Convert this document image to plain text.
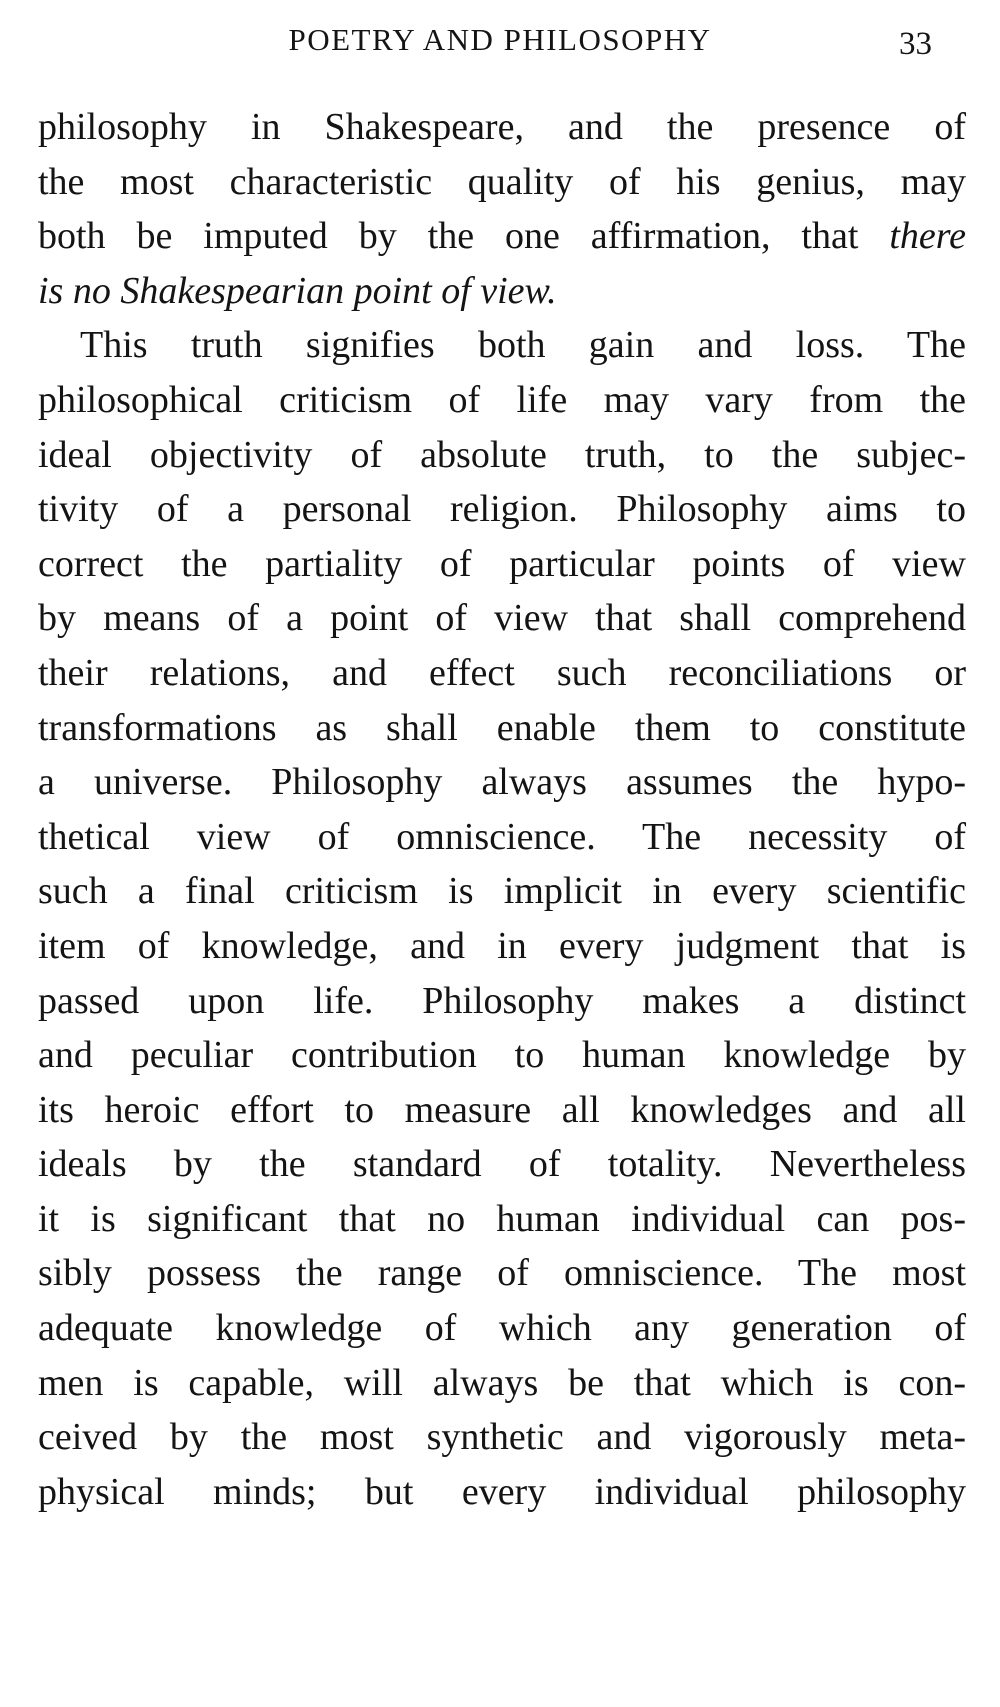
POETRY AND PHILOSOPHY	33
philosophy in Shakespeare, and the presence of
the most characteristic quality of his genius, may
both be imputed by the one affirmation, that there
is no Shakespearian point of view.
This truth signifies both gain and loss. The
philosophical criticism of life may vary from the
ideal objectivity of absolute truth, to the subjec-
tivity of a personal religion. Philosophy aims to
correct the partiality of particular points of view
by means of a point of view that shall comprehend
their relations, and effect such reconciliations or
transformations as shall enable them to constitute
a universe. Philosophy always assumes the hypo-
thetical view of omniscience. The necessity of
such a final criticism is implicit in every scientific
item of knowledge, and in every judgment that is
passed upon life. Philosophy makes a distinct
and peculiar contribution to human knowledge by
its heroic effort to measure all knowledges and all
ideals by the standard of totality. Nevertheless
it is significant that no human individual can pos-
sibly possess the range of omniscience. The most
adequate knowledge of which any generation of
men is capable, will always be that which is con-
ceived by the most synthetic and vigorously meta-
physical minds; but every individual philosophy
